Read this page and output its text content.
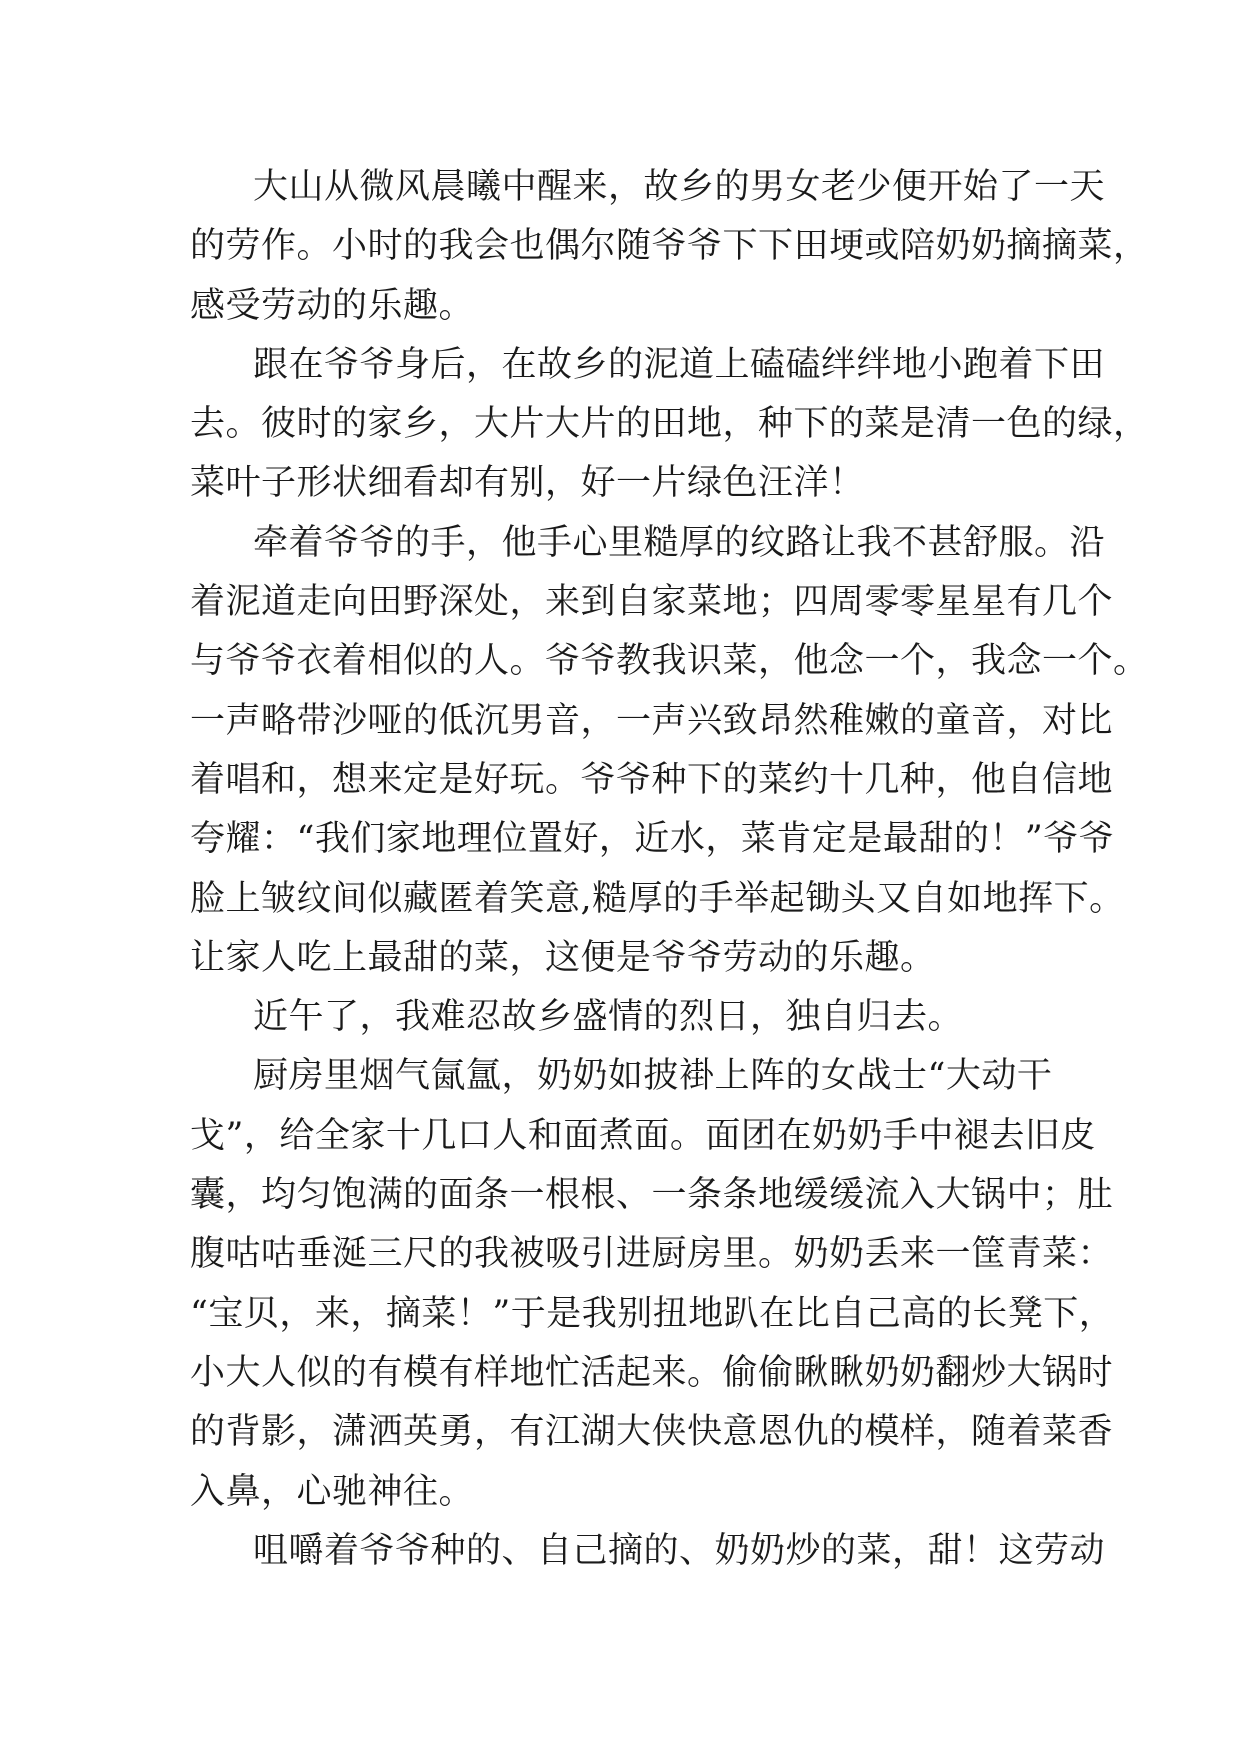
大山从微风晨曦中醒来，故乡的男女老少便开始了一天
的劳作。小时的我会也偶尔随爷爷下下田埂或陪奶奶摘摘菜，
感受劳动的乐趣。
跟在爷爷身后，在故乡的泥道上磕磕绊绊地小跑着下田
去。彼时的家乡，大片大片的田地，种下的菜是清一色的绿，
菜叶子形状细看却有别，好一片绿色汪洋！
牵着爷爷的手，他手心里糙厚的纹路让我不甚舒服。沿
着泥道走向田野深处，来到自家菜地；四周零零星星有几个
与爷爷衣着相似的人。爷爷教我识菜，他念一个，我念一个。
一声略带沙哑的低沉男音，一声兴致昂然稚嫩的童音，对比
着唱和，想来定是好玩。爷爷种下的菜约十几种，他自信地
夸耀：“我们家地理位置好，近水，菜肯定是最甜的！”爷爷
脸上皱纹间似藏匿着笑意,糙厚的手举起锄头又自如地挥下。
让家人吃上最甜的菜，这便是爷爷劳动的乐趣。
近午了，我难忍故乡盛情的烈日，独自归去。
厨房里烟气氤氲，奶奶如披褂上阵的女战士“大动干
戈”，给全家十几口人和面煮面。面团在奶奶手中褪去旧皮
囊，均匀饱满的面条一根根、一条条地缓缓流入大锅中；肚
腹咕咕垂涎三尺的我被吸引进厨房里。奶奶丢来一筐青菜：
“宝贝，来，摘菜！”于是我别扭地趴在比自己高的长凳下，
小大人似的有模有样地忙活起来。偷偷瞅瞅奶奶翻炒大锅时
的背影，潇洒英勇，有江湖大侠快意恩仇的模样，随着菜香
入鼻，心驰神往。
咀嚼着爷爷种的、自己摘的、奶奶炒的菜，甜！这劳动
